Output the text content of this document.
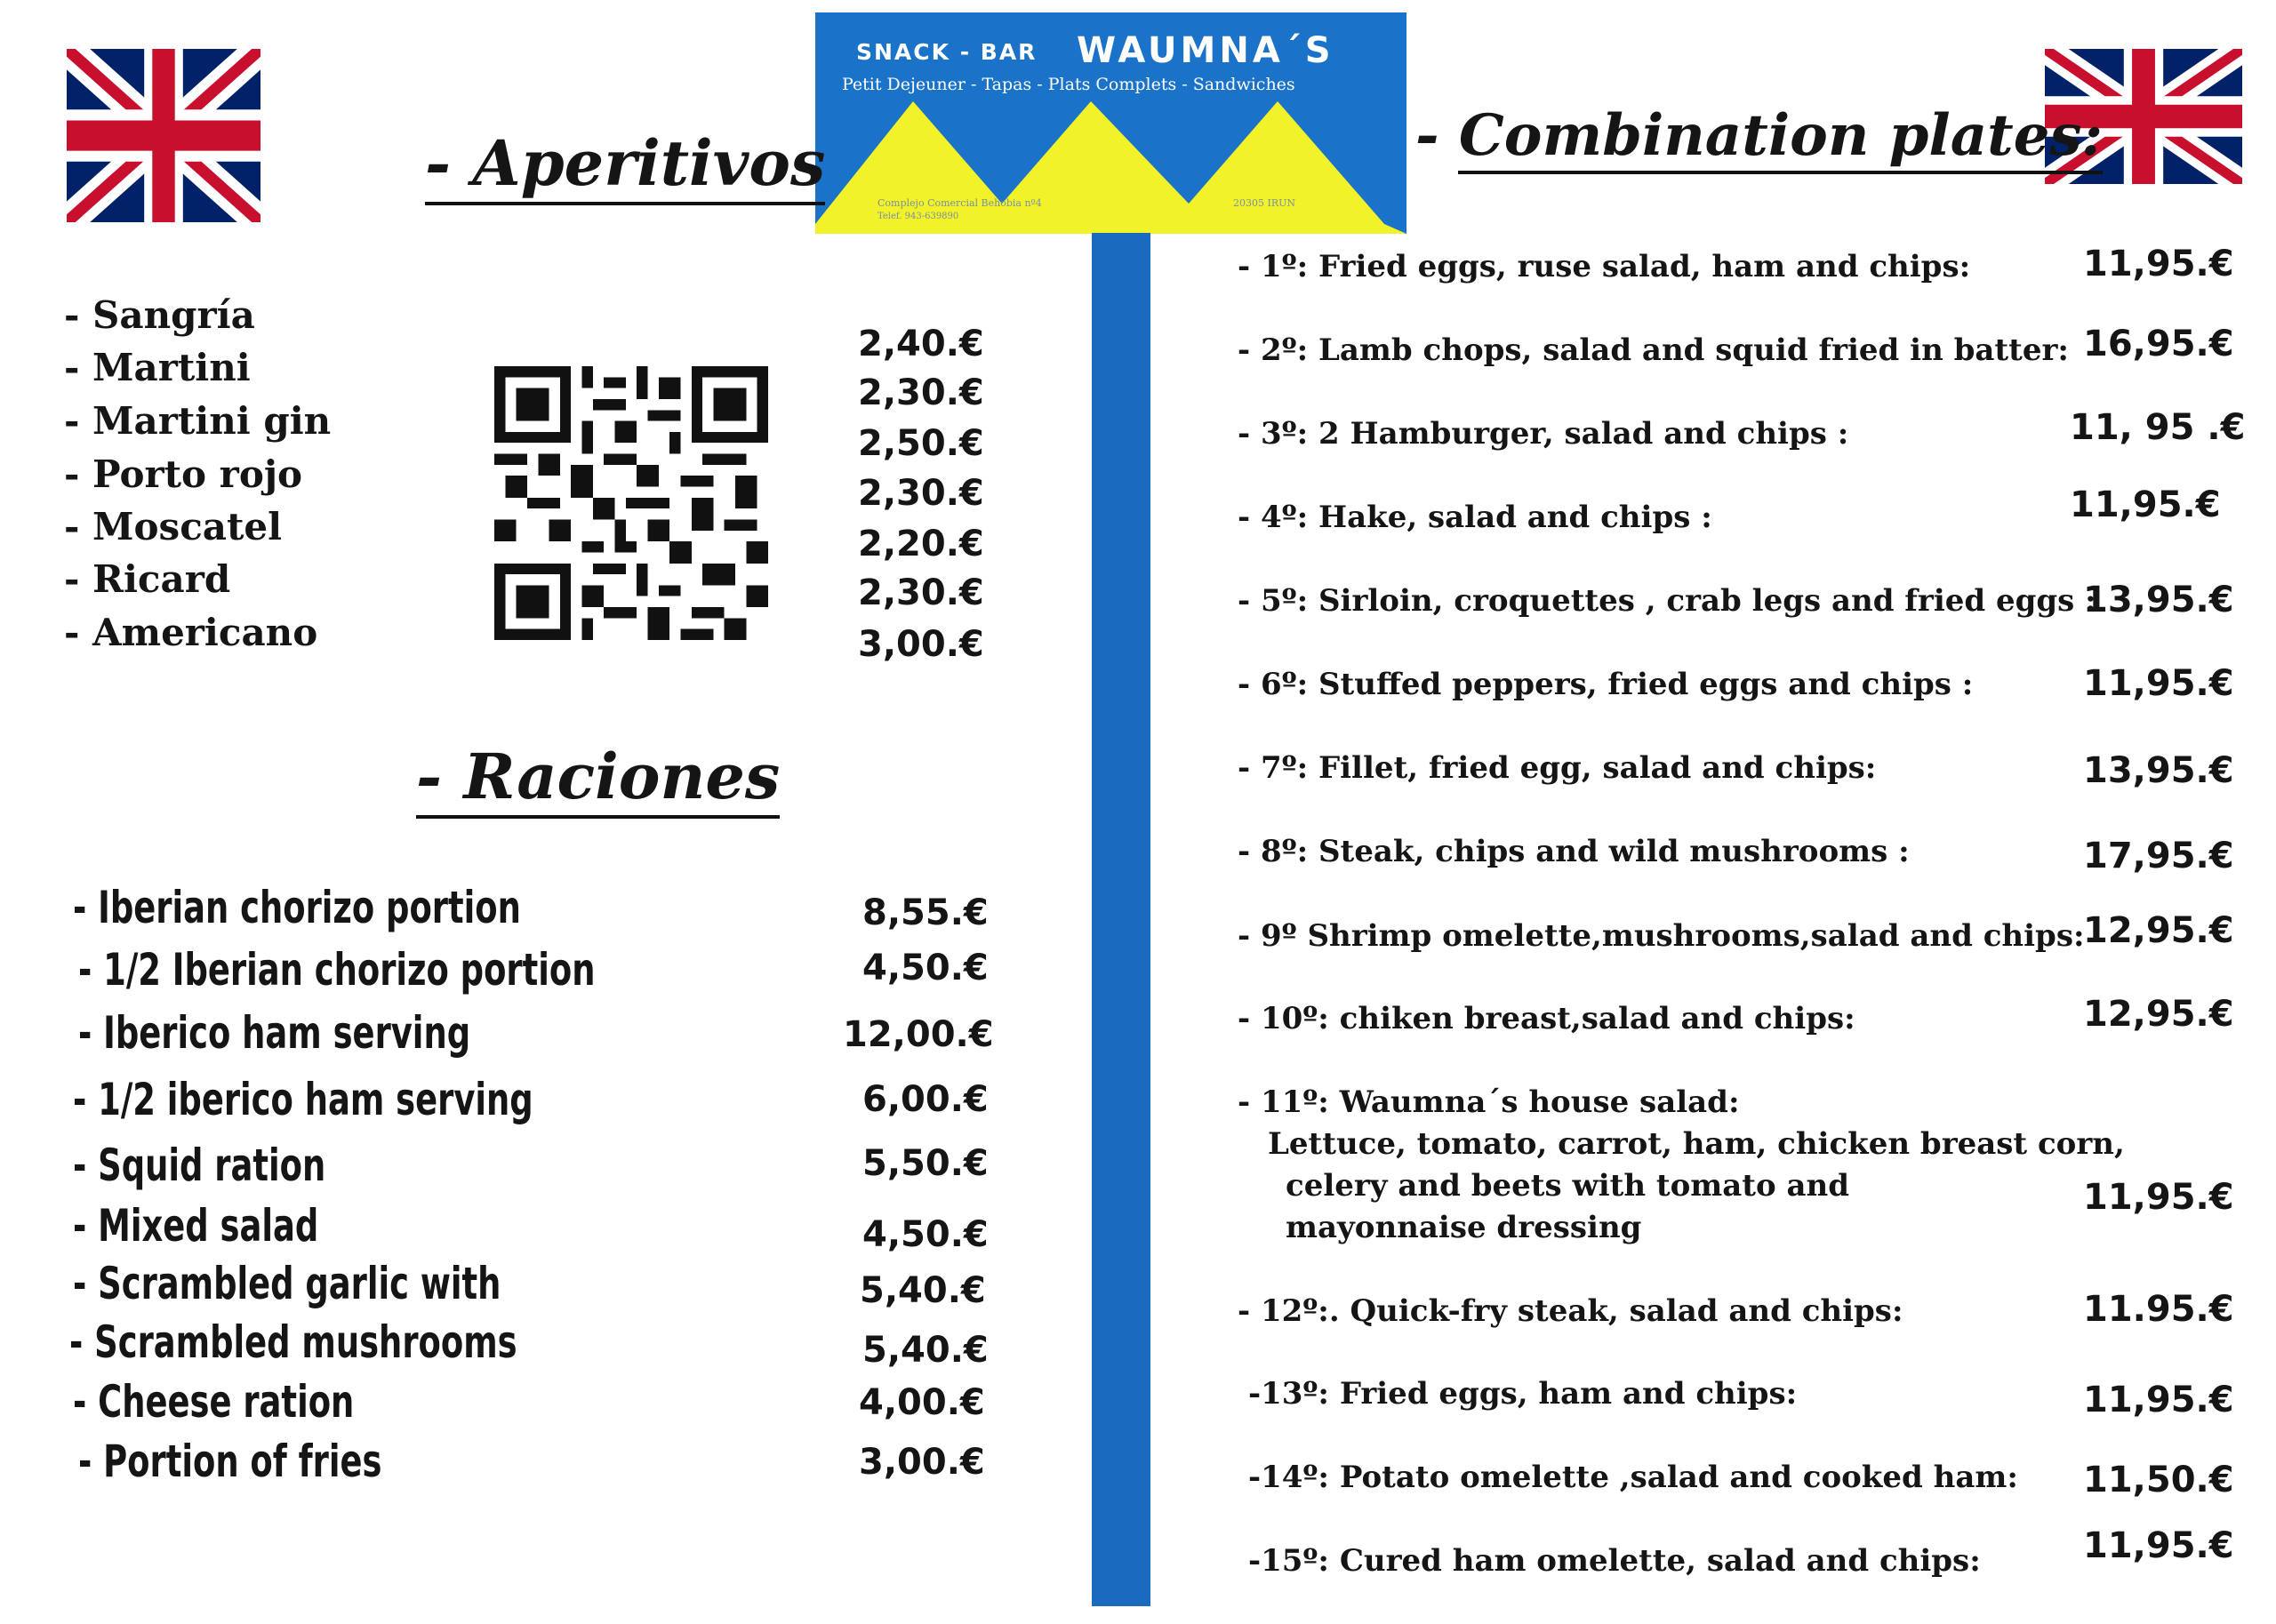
SNACK - BAR WAUMNA´S
Petit Dejeuner - Tapas - Plats Complets - Sandwiches
Complejo Comercial Behobia nº4
Telef. 943-639890
20305 IRUN
- Aperitivos
- Raciones
- Combination plates:
- Sangría
- Martini
- Martini gin
- Porto rojo
- Moscatel
- Ricard
- Americano
2,40.€
2,30.€
2,50.€
2,30.€
2,20.€
2,30.€
3,00.€
- Iberian chorizo portion
- 1/2 Iberian chorizo portion
- Iberico ham serving
- 1/2 iberico ham serving
- Squid ration
- Mixed salad
- Scrambled garlic with
- Scrambled mushrooms
- Cheese ration
- Portion of fries
8,55.€
4,50.€
12,00.€
6,00.€
5,50.€
4,50.€
5,40.€
5,40.€
4,00.€
3,00.€
- 1º: Fried eggs, ruse salad, ham and chips:
- 2º: Lamb chops, salad and squid fried in batter:
- 3º: 2 Hamburger, salad and chips :
- 4º: Hake, salad and chips :
- 5º: Sirloin, croquettes , crab legs and fried eggs :
- 6º: Stuffed peppers, fried eggs and chips :
- 7º: Fillet, fried egg, salad and chips:
- 8º: Steak, chips and wild mushrooms :
- 9º Shrimp omelette,mushrooms,salad and chips:
- 10º: chiken breast,salad and chips:
- 11º: Waumna´s house salad:
Lettuce, tomato, carrot, ham, chicken breast corn,
celery and beets with tomato and
mayonnaise dressing
- 12º:. Quick-fry steak, salad and chips:
-13º: Fried eggs, ham and chips:
-14º: Potato omelette ,salad and cooked ham:
-15º: Cured ham omelette, salad and chips:
11,95.€
16,95.€
11, 95 .€
11,95.€
13,95.€
11,95.€
13,95.€
17,95.€
12,95.€
12,95.€
11,95.€
11.95.€
11,95.€
11,50.€
11,95.€
